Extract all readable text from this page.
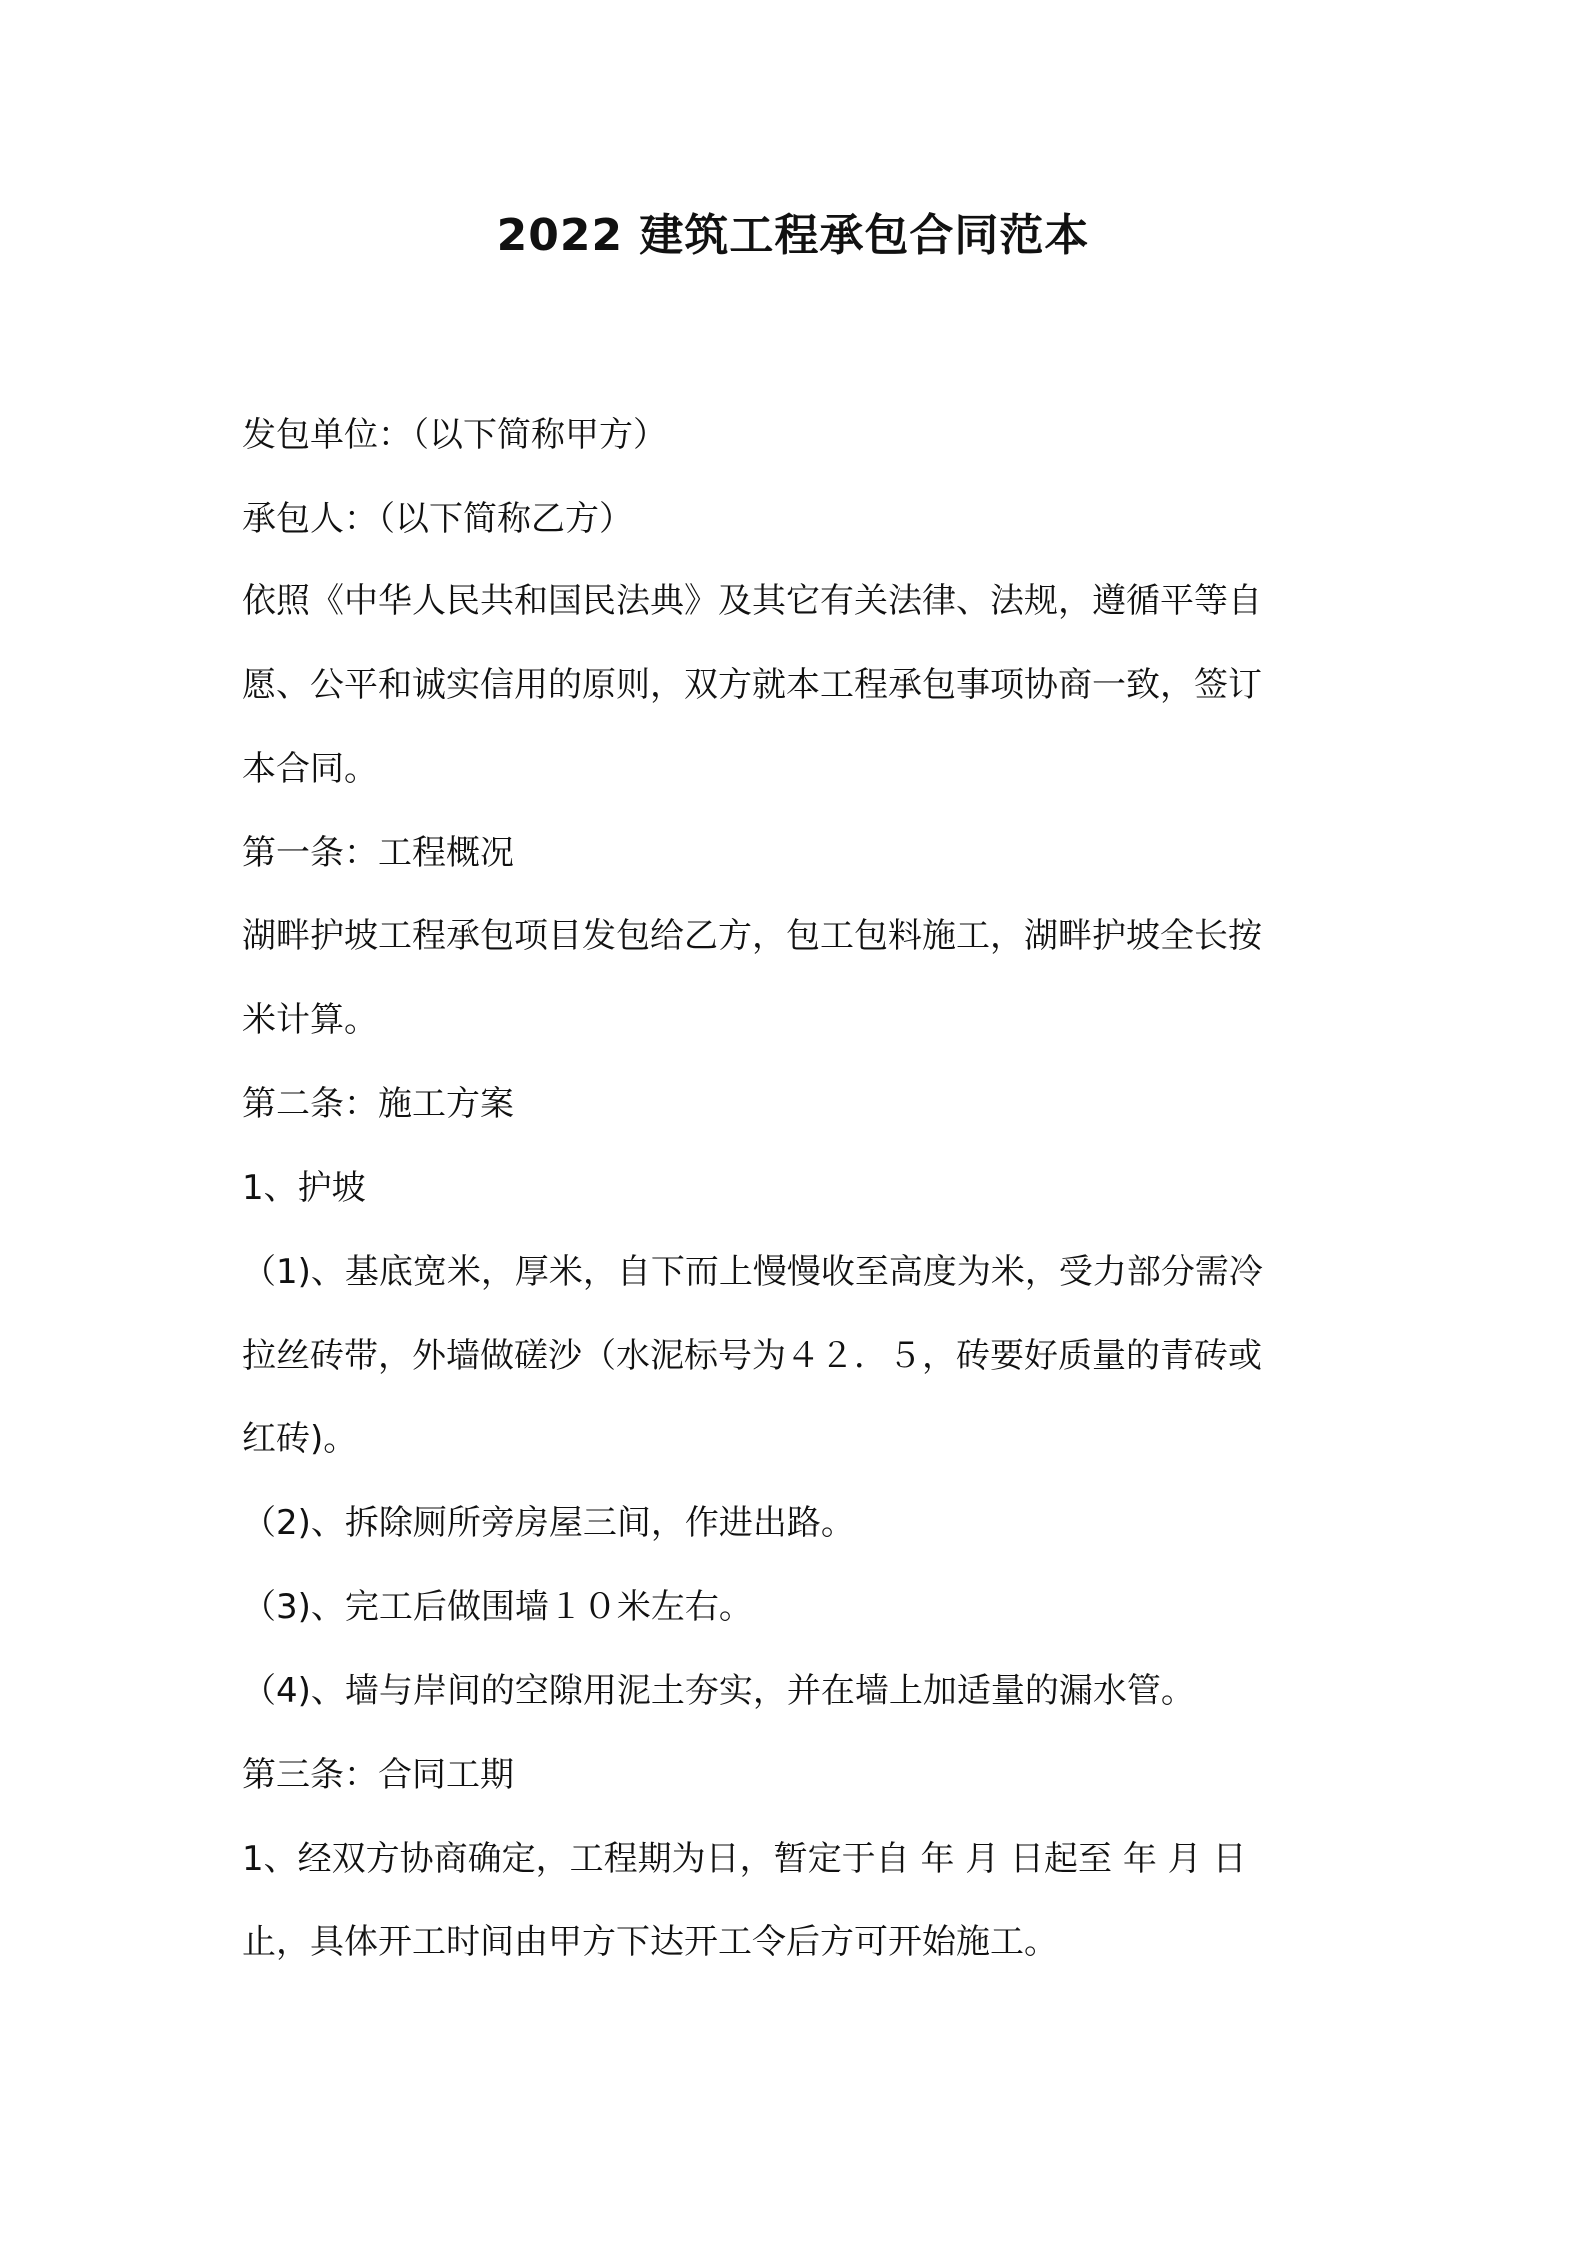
2022 建筑工程承包合同范本
发包单位：（以下简称甲方）
承包人：（以下简称乙方）
依照《中华人民共和国民法典》及其它有关法律、法规，遵循平等自
愿、公平和诚实信用的原则，双方就本工程承包事项协商一致，签订
本合同。
第一条：工程概况
湖畔护坡工程承包项目发包给乙方，包工包料施工，湖畔护坡全长按
米计算。
第二条：施工方案
1、护坡
（1)、基底宽米，厚米，自下而上慢慢收至高度为米，受力部分需冷
拉丝砖带，外墙做磋沙（水泥标号为４２．５，砖要好质量的青砖或
红砖)。
（2)、拆除厕所旁房屋三间，作进出路。
（3)、完工后做围墙１０米左右。
（4)、墙与岸间的空隙用泥土夯实，并在墙上加适量的漏水管。
第三条：合同工期
1、经双方协商确定，工程期为日，暂定于自 年 月 日起至 年 月 日
止，具体开工时间由甲方下达开工令后方可开始施工。
